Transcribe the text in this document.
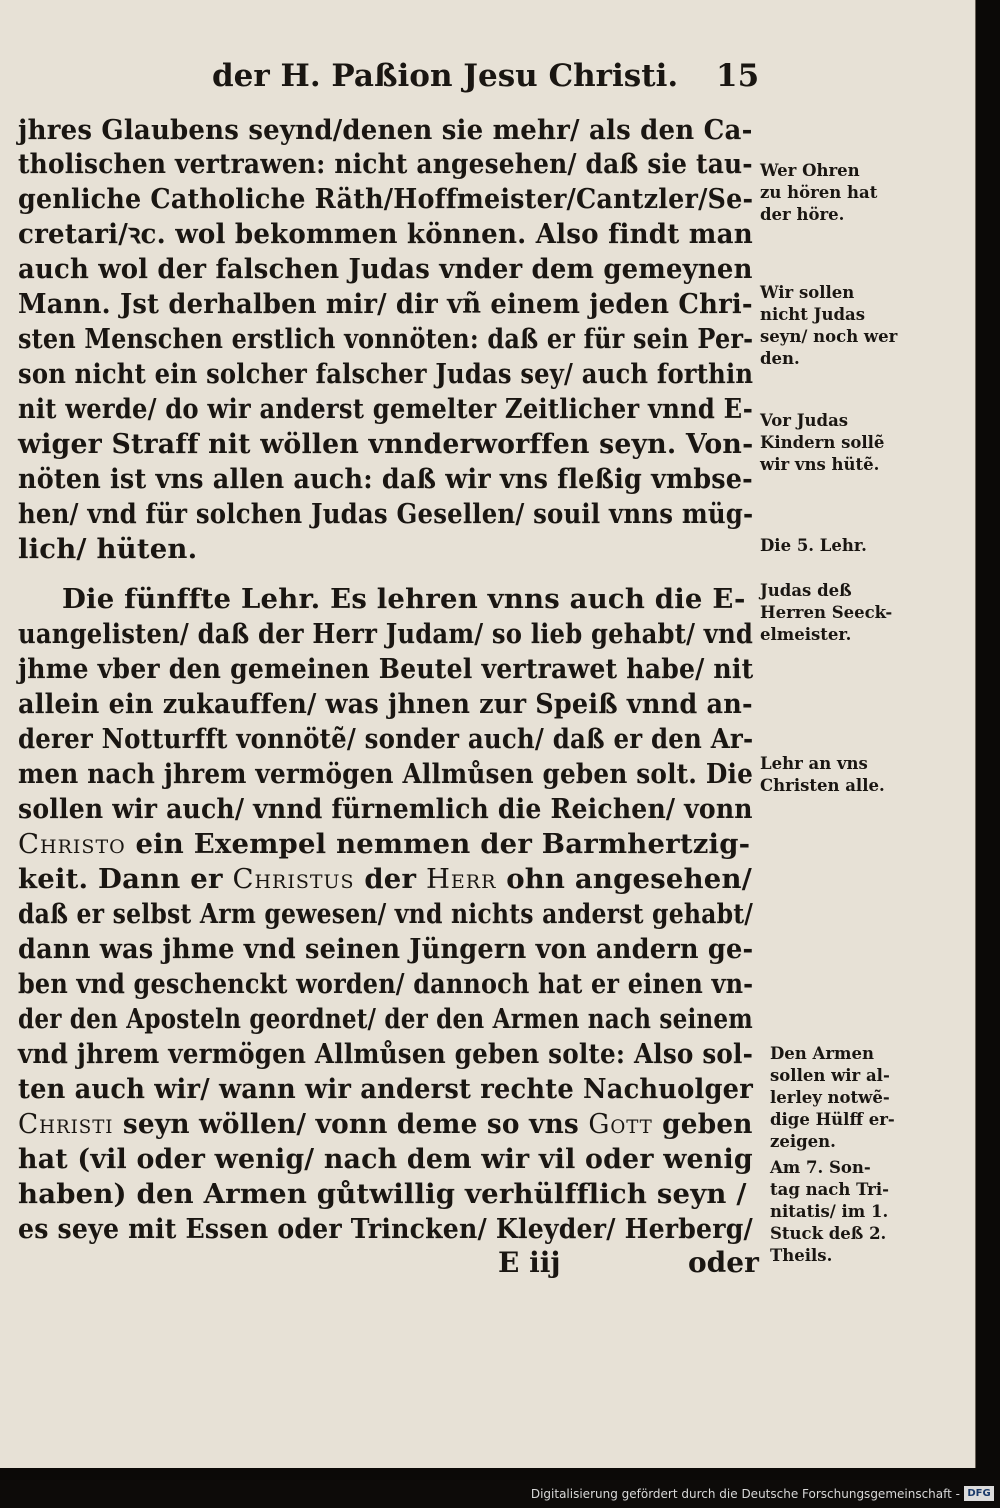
der H. Paßion Jesu Christi. 15
jhres Glaubens seynd/denen sie mehr/ als den Ca-
tholischen vertrawen: nicht angesehen/ daß sie tau-
genliche Catholiche Räth/Hoffmeister/Cantzler/Se-
cretari/ꝛc. wol bekommen können. Also findt man
auch wol der falschen Judas vnder dem gemeynen
Mann. Jst derhalben mir/ dir vñ einem jeden Chri-
sten Menschen erstlich vonnöten: daß er für sein Per-
son nicht ein solcher falscher Judas sey/ auch forthin
nit werde/ do wir anderst gemelter Zeitlicher vnnd E-
wiger Straff nit wöllen vnnderworffen seyn. Von-
nöten ist vns allen auch: daß wir vns fleßig vmbse-
hen/ vnd für solchen Judas Gesellen/ souil vnns müg-
lich/ hüten.
Die fünffte Lehr. Es lehren vnns auch die E-
uangelisten/ daß der Herr Judam/ so lieb gehabt/ vnd
jhme vber den gemeinen Beutel vertrawet habe/ nit
allein ein zukauffen/ was jhnen zur Speiß vnnd an-
derer Notturfft vonnötẽ/ sonder auch/ daß er den Ar-
men nach jhrem vermögen Allmůsen geben solt. Die
sollen wir auch/ vnnd fürnemlich die Reichen/ vonn
Christo ein Exempel nemmen der Barmhertzig-
keit. Dann er Christus der Herr ohn angesehen/
daß er selbst Arm gewesen/ vnd nichts anderst gehabt/
dann was jhme vnd seinen Jüngern von andern ge-
ben vnd geschenckt worden/ dannoch hat er einen vn-
der den Aposteln geordnet/ der den Armen nach seinem
vnd jhrem vermögen Allmůsen geben solte: Also sol-
ten auch wir/ wann wir anderst rechte Nachuolger
Christi seyn wöllen/ vonn deme so vns Gott geben
hat (vil oder wenig/ nach dem wir vil oder wenig
haben) den Armen gůtwillig verhülfflich seyn /
es seye mit Essen oder Trincken/ Kleyder/ Herberg/
Wer Ohren
zu hören hat
der höre.
Wir sollen
nicht Judas
seyn/ noch wer
den.
Vor Judas
Kindern sollẽ
wir vns hütẽ.
Die 5. Lehr.
Judas deß
Herren Seeck-
elmeister.
Lehr an vns
Christen alle.
Den Armen
sollen wir al-
lerley notwẽ-
dige Hülff er-
zeigen.
Am 7. Son-
tag nach Tri-
nitatis/ im 1.
Stuck deß 2.
Theils.
E iij	oder
Digitalisierung gefördert durch die Deutsche Forschungsgemeinschaft - DFG
